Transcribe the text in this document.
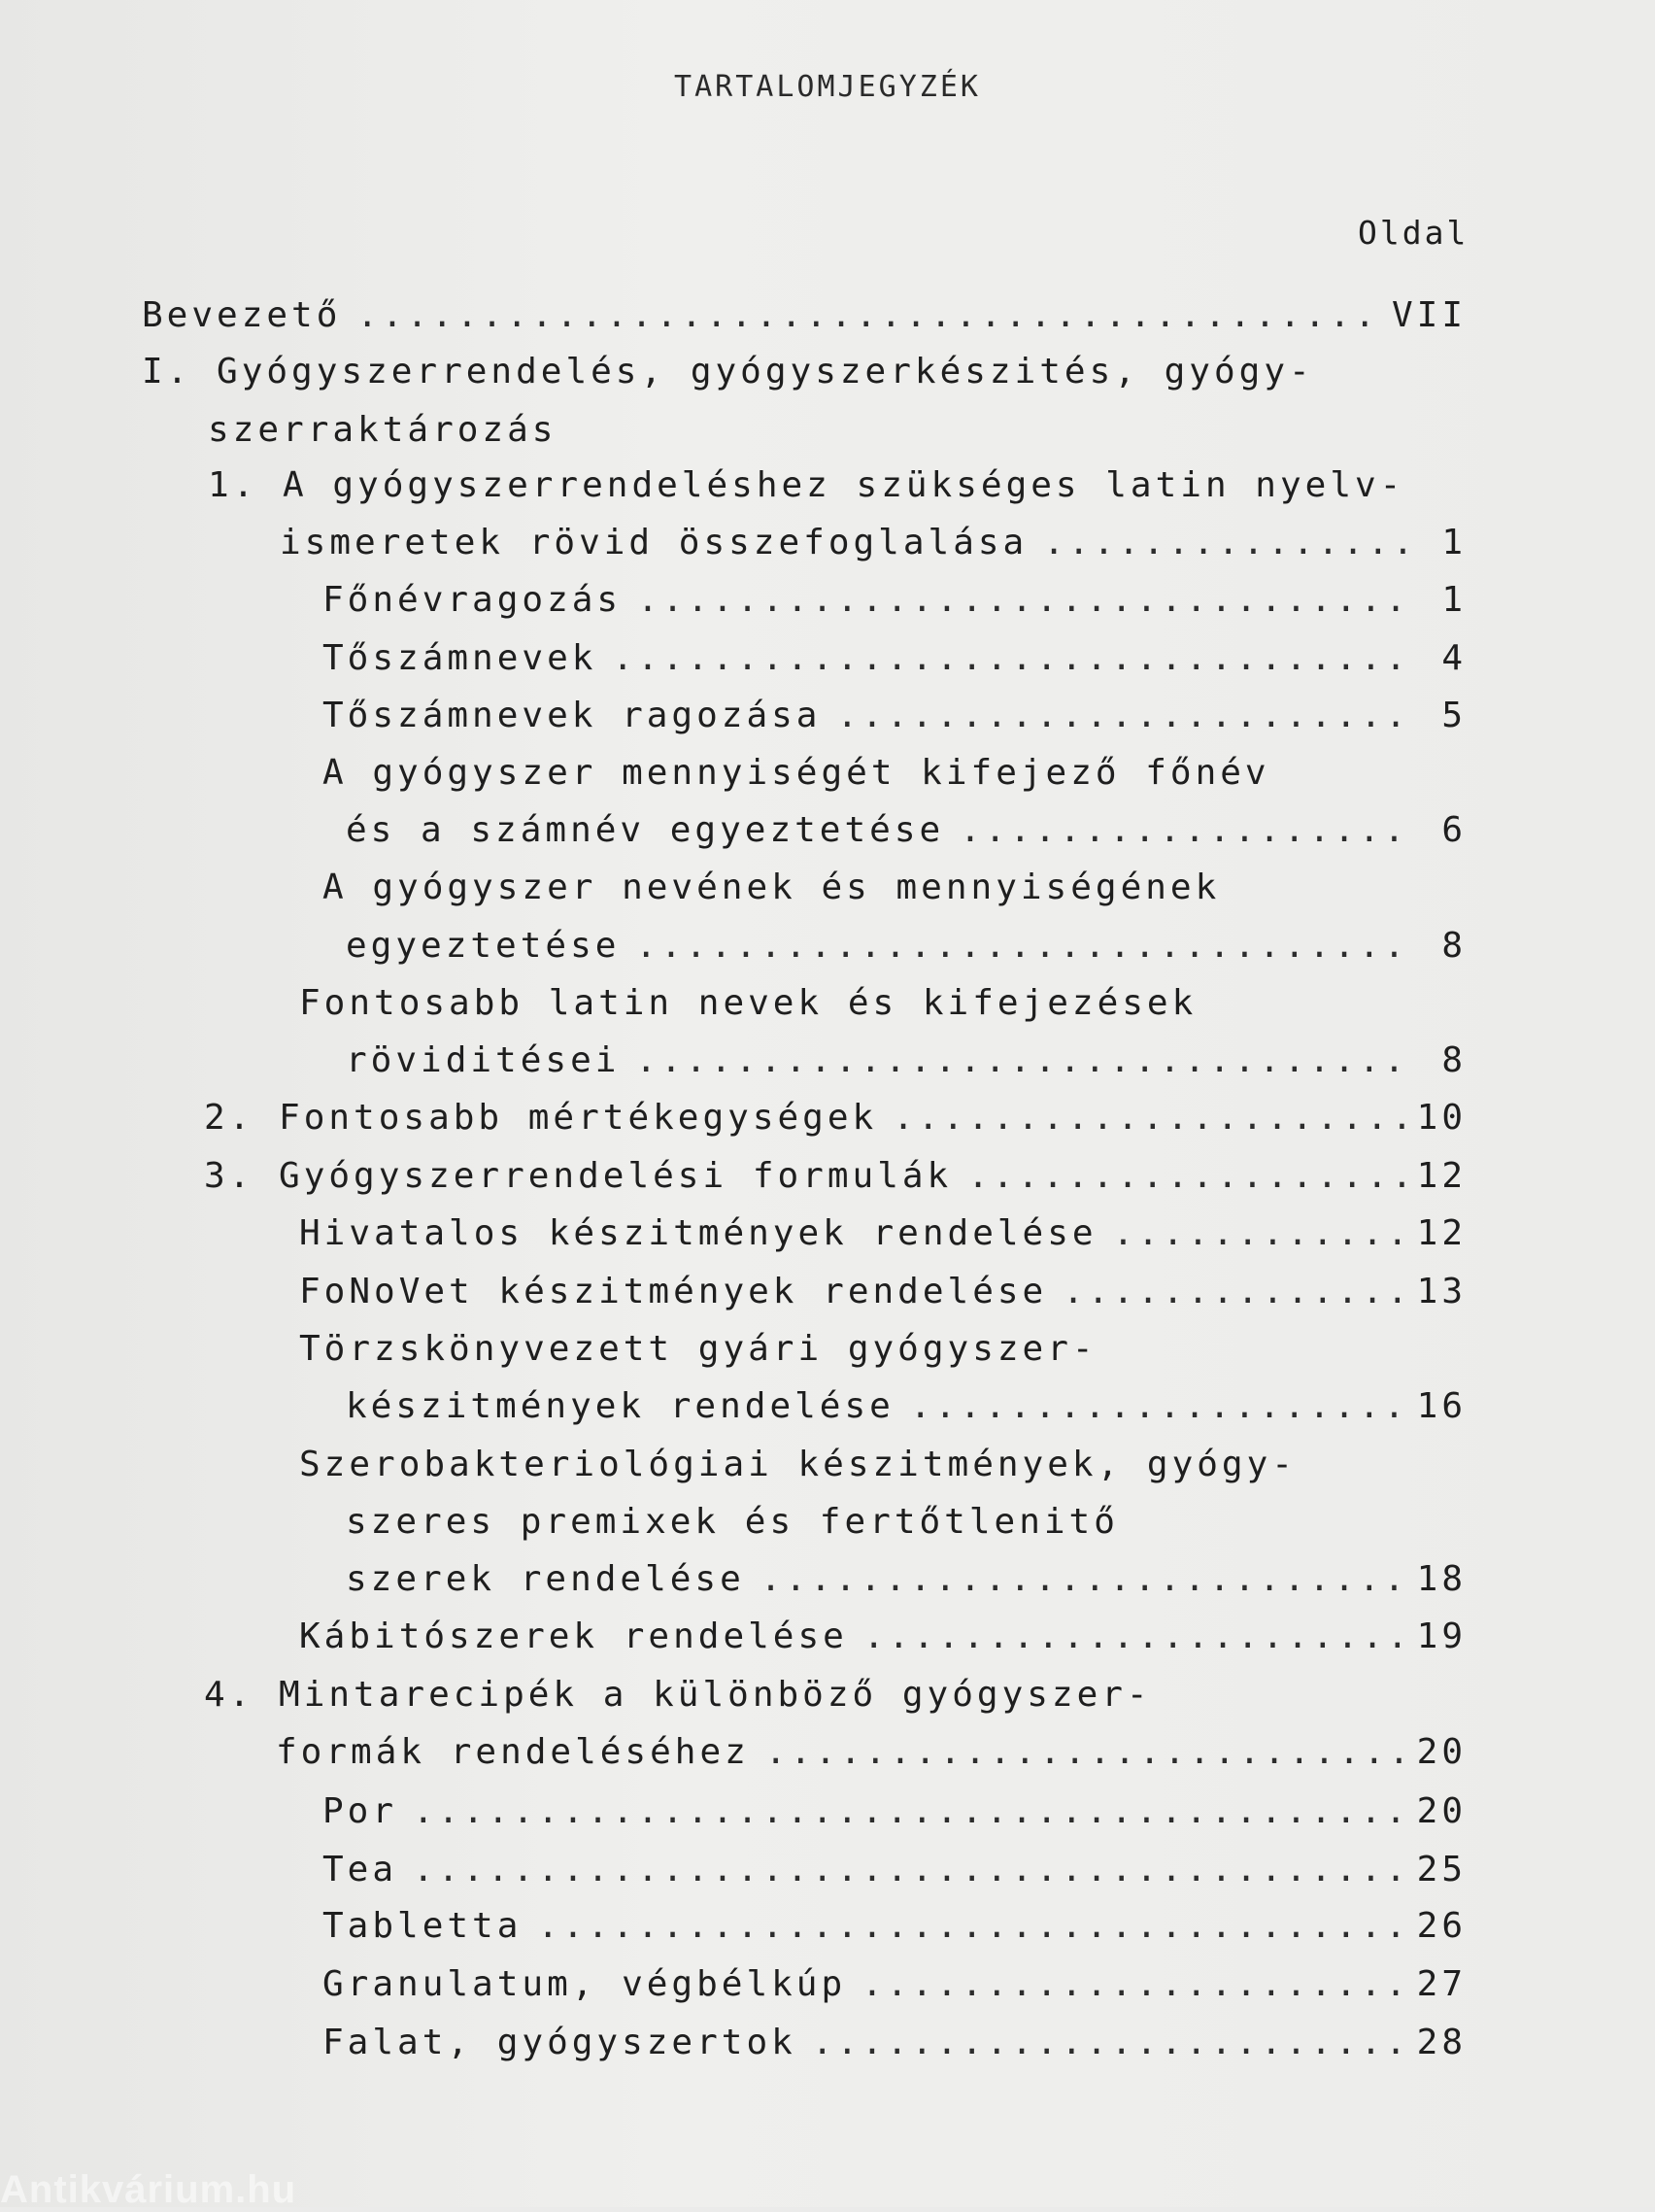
TARTALOMJEGYZÉK
Oldal
Bevezető .....	VII
I. Gyógyszerrendelés, gyógyszerkészités, gyógy-
szerraktározás
1. A gyógyszerrendeléshez szükséges latin nyelv-
ismeretek rövid összefoglalása .....	1
Főnévragozás .....	1
Tőszámnevek .....	4
Tőszámnevek ragozása .....	5
A gyógyszer mennyiségét kifejező főnév
és a számnév egyeztetése .....	6
A gyógyszer nevének és mennyiségének
egyeztetése .....	8
Fontosabb latin nevek és kifejezések
röviditései .....	8
2. Fontosabb mértékegységek .....	10
3. Gyógyszerrendelési formulák .....	12
Hivatalos készitmények rendelése .....	12
FoNoVet készitmények rendelése .....	13
Törzskönyvezett gyári gyógyszer-
készitmények rendelése .....	16
Szerobakteriológiai készitmények, gyógy-
szeres premixek és fertőtlenitő
szerek rendelése .....	18
Kábitószerek rendelése .....	19
4. Mintarecipék a különböző gyógyszer-
formák rendeléséhez .....	20
Por .....	20
Tea .....	25
Tabletta .....	26
Granulatum, végbélkúp .....	27
Falat, gyógyszertok .....	28
Antikvárium.hu
